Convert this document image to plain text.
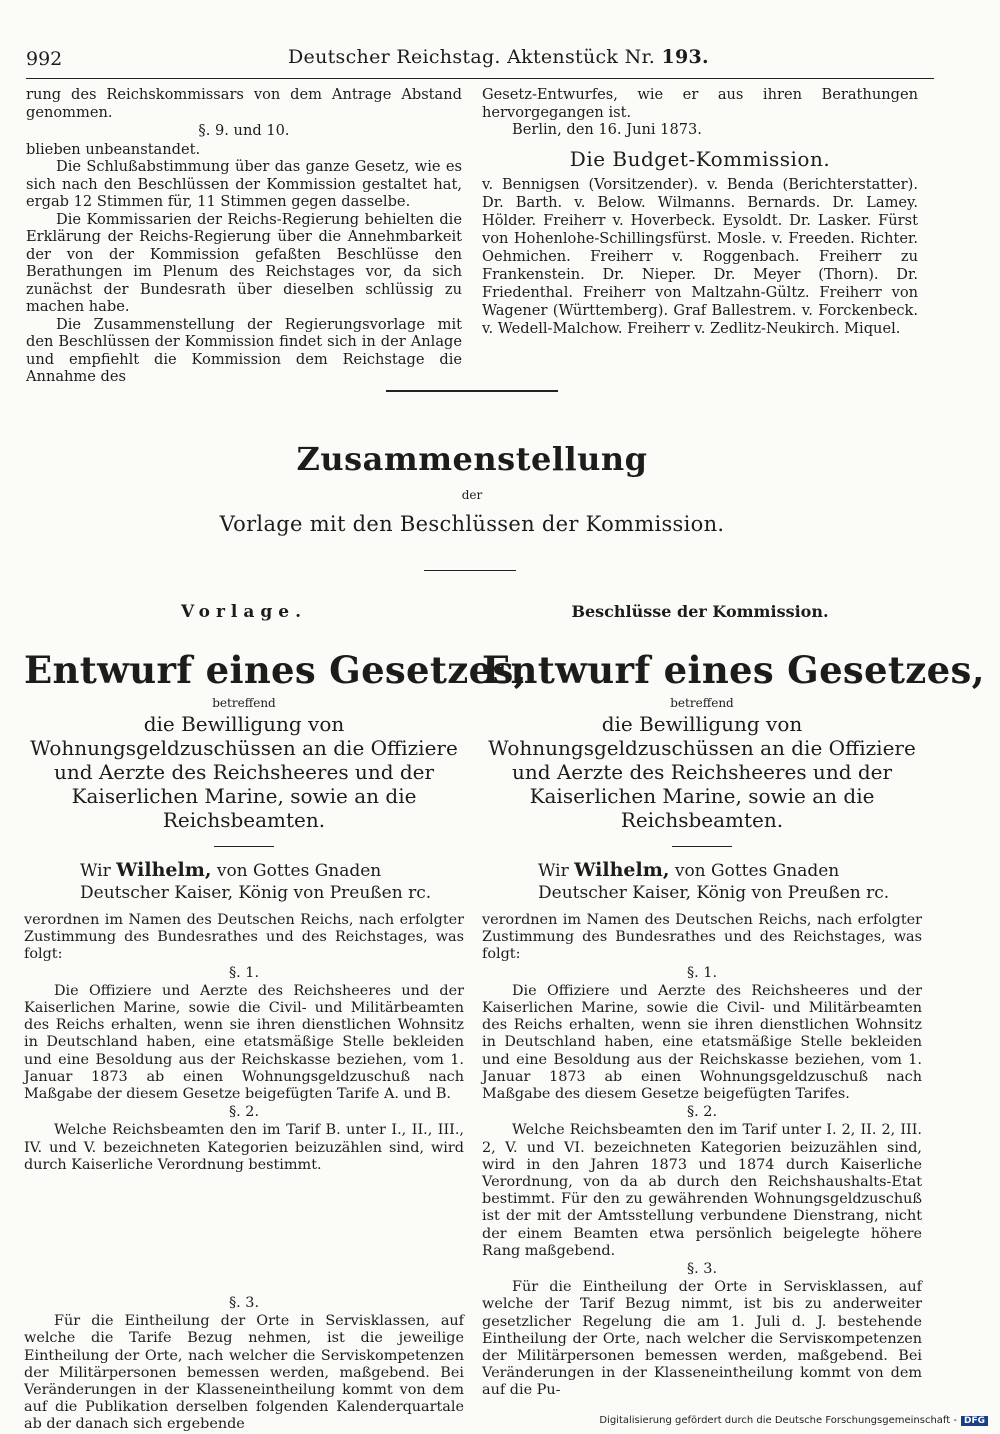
992	Deutscher Reichstag. Aktenstück Nr. 193.

rung des Reichskommissars von dem Antrage Abstand genommen.

§. 9. und 10.

blieben unbeanstandet.

Die Schlußabstimmung über das ganze Gesetz, wie es sich nach den Beschlüssen der Kommission gestaltet hat, ergab 12 Stimmen für, 11 Stimmen gegen dasselbe.

Die Kommissarien der Reichs-Regierung behielten die Erklärung der Reichs-Regierung über die Annehmbarkeit der von der Kommission gefaßten Beschlüsse den Berathungen im Plenum des Reichstages vor, da sich zunächst der Bundesrath über dieselben schlüssig zu machen habe.

Die Zusammenstellung der Regierungsvorlage mit den Beschlüssen der Kommission findet sich in der Anlage und empfiehlt die Kommission dem Reichstage die Annahme des

Gesetz-Entwurfes, wie er aus ihren Berathungen hervorgegangen ist.

Berlin, den 16. Juni 1873.

Die Budget-Kommission.

v. Bennigsen (Vorsitzender). v. Benda (Berichterstatter). Dr. Barth. v. Below. Wilmanns. Bernards. Dr. Lamey. Hölder. Freiherr v. Hoverbeck. Eysoldt. Dr. Lasker. Fürst von Hohenlohe-Schillingsfürst. Mosle. v. Freeden. Richter. Oehmichen. Freiherr v. Roggenbach. Freiherr zu Frankenstein. Dr. Nieper. Dr. Meyer (Thorn). Dr. Friedenthal. Freiherr von Maltzahn-Gültz. Freiherr von Wagener (Württemberg). Graf Ballestrem. v. Forckenbeck. v. Wedell-Malchow. Freiherr v. Zedlitz-Neukirch. Miquel.

Zusammenstellung
der
Vorlage mit den Beschlüssen der Kommission.
Vorlage.	Beschlüsse der Kommission.
Entwurf eines Gesetzes,
betreffend
die Bewilligung von Wohnungsgeldzuschüssen an die Offiziere und Aerzte des Reichsheeres und der Kaiserlichen Marine, sowie an die Reichsbeamten.
Wir Wilhelm, von Gottes Gnaden Deutscher Kaiser, König von Preußen rc.

verordnen im Namen des Deutschen Reichs, nach erfolgter Zustimmung des Bundesrathes und des Reichstages, was folgt:

§. 1.

Die Offiziere und Aerzte des Reichsheeres und der Kaiserlichen Marine, sowie die Civil- und Militärbeamten des Reichs erhalten, wenn sie ihren dienstlichen Wohnsitz in Deutschland haben, eine etatsmäßige Stelle bekleiden und eine Besoldung aus der Reichskasse beziehen, vom 1. Januar 1873 ab einen Wohnungsgeldzuschuß nach Maßgabe der diesem Gesetze beigefügten Tarife A. und B.

§. 2.

Welche Reichsbeamten den im Tarif B. unter I., II., III., IV. und V. bezeichneten Kategorien beizuzählen sind, wird durch Kaiserliche Verordnung bestimmt.

§. 3.

Für die Eintheilung der Orte in Servisklassen, auf welche die Tarife Bezug nehmen, ist die jeweilige Eintheilung der Orte, nach welcher die Serviskompetenzen der Militärpersonen bemessen werden, maßgebend. Bei Veränderungen in der Klasseneintheilung kommt von dem auf die Publikation derselben folgenden Kalenderquartale ab der danach sich ergebende

Entwurf eines Gesetzes,
betreffend
die Bewilligung von Wohnungsgeldzuschüssen an die Offiziere und Aerzte des Reichsheeres und der Kaiserlichen Marine, sowie an die Reichsbeamten.
Wir Wilhelm, von Gottes Gnaden Deutscher Kaiser, König von Preußen rc.

verordnen im Namen des Deutschen Reichs, nach erfolgter Zustimmung des Bundesrathes und des Reichstages, was folgt:

§. 1.

Die Offiziere und Aerzte des Reichsheeres und der Kaiserlichen Marine, sowie die Civil- und Militärbeamten des Reichs erhalten, wenn sie ihren dienstlichen Wohnsitz in Deutschland haben, eine etatsmäßige Stelle bekleiden und eine Besoldung aus der Reichskasse beziehen, vom 1. Januar 1873 ab einen Wohnungsgeldzuschuß nach Maßgabe des diesem Gesetze beigefügten Tarifes.

§. 2.

Welche Reichsbeamten den im Tarif unter I. 2, II. 2, III. 2, V. und VI. bezeichneten Kategorien beizuzählen sind, wird in den Jahren 1873 und 1874 durch Kaiserliche Verordnung, von da ab durch den Reichshaushalts-Etat bestimmt. Für den zu gewährenden Wohnungsgeldzuschuß ist der mit der Amtsstellung verbundene Dienstrang, nicht der einem Beamten etwa persönlich beigelegte höhere Rang maßgebend.

§. 3.

Für die Eintheilung der Orte in Servisklassen, auf welche der Tarif Bezug nimmt, ist bis zu anderweiter gesetzlicher Regelung die am 1. Juli d. J. bestehende Eintheilung der Orte, nach welcher die Servisкompetenzen der Militärpersonen bemessen werden, maßgebend. Bei Veränderungen in der Klasseneintheilung kommt von dem auf die Pu-

Digitalisierung gefördert durch die Deutsche Forschungsgemeinschaft - DFG
